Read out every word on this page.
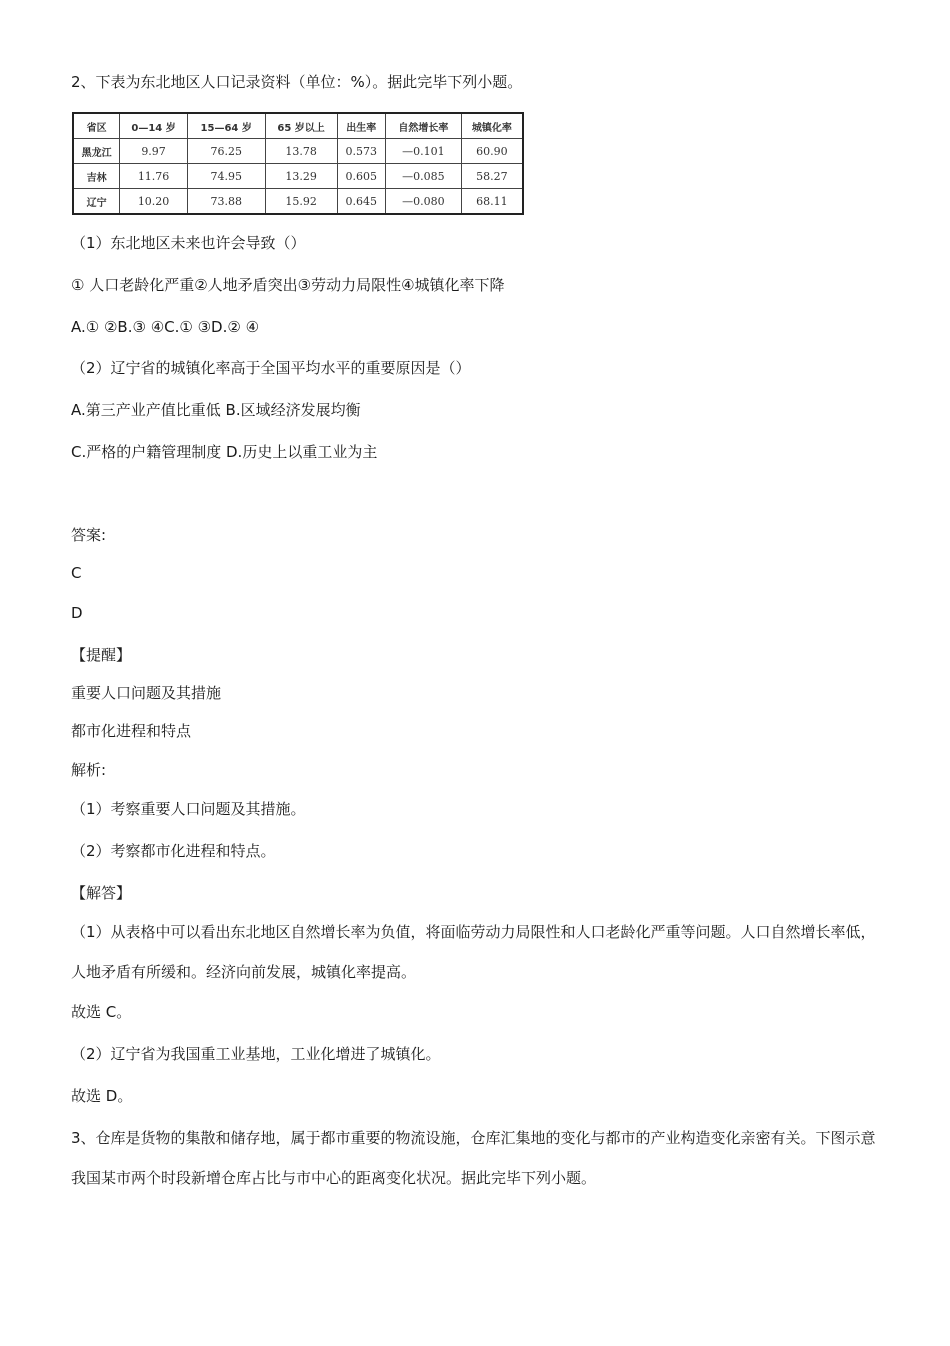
2、下表为东北地区人口记录资料（单位：%）。据此完毕下列小题。
省区	0—14 岁	15—64 岁	65 岁以上	出生率	自然增长率	城镇化率
黑龙江	9.97	76.25	13.78	0.573	—0.101	60.90
吉林	11.76	74.95	13.29	0.605	—0.085	58.27
辽宁	10.20	73.88	15.92	0.645	—0.080	68.11
（1）东北地区未来也许会导致（）
① 人口老龄化严重②人地矛盾突出③劳动力局限性④城镇化率下降
A.① ②B.③ ④C.① ③D.② ④
（2）辽宁省的城镇化率高于全国平均水平的重要原因是（）
A.第三产业产值比重低 B.区域经济发展均衡
C.严格的户籍管理制度 D.历史上以重工业为主
答案:
C
D
【提醒】
重要人口问题及其措施
都市化进程和特点
解析:
（1）考察重要人口问题及其措施。
（2）考察都市化进程和特点。
【解答】
（1）从表格中可以看出东北地区自然增长率为负值，将面临劳动力局限性和人口老龄化严重等问题。人口自然增长率低，人地矛盾有所缓和。经济向前发展，城镇化率提高。
故选 C。
（2）辽宁省为我国重工业基地，工业化增进了城镇化。
故选 D。
3、仓库是货物的集散和储存地，属于都市重要的物流设施，仓库汇集地的变化与都市的产业构造变化亲密有关。下图示意我国某市两个时段新增仓库占比与市中心的距离变化状况。据此完毕下列小题。
